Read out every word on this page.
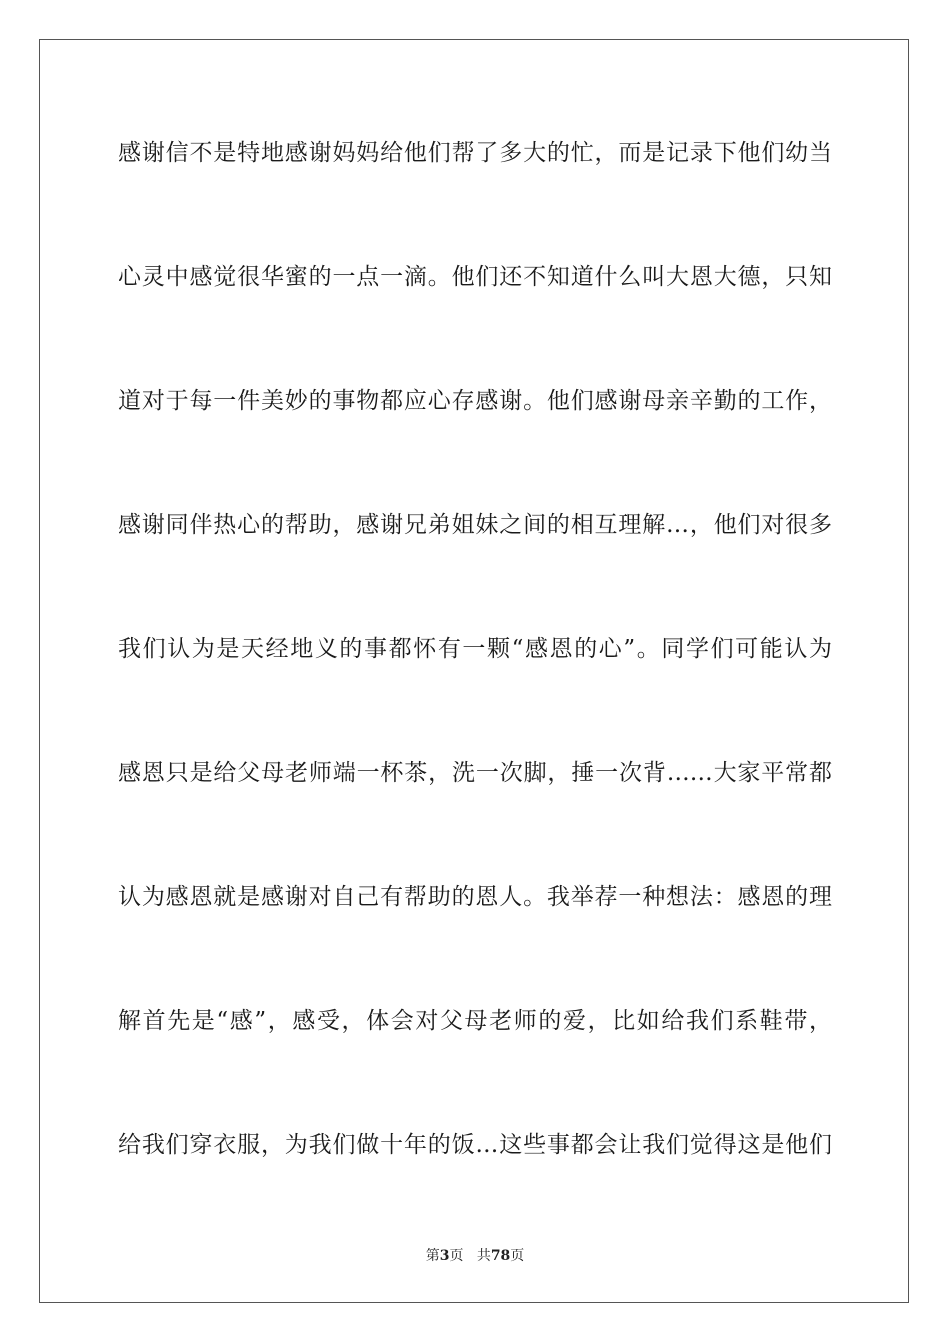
感谢信不是特地感谢妈妈给他们帮了多大的忙，而是记录下他们幼当
心灵中感觉很华蜜的一点一滴。他们还不知道什么叫大恩大德，只知
道对于每一件美妙的事物都应心存感谢。他们感谢母亲辛勤的工作，
感谢同伴热心的帮助，感谢兄弟姐妹之间的相互理解…，他们对很多
我们认为是天经地义的事都怀有一颗“感恩的心”。同学们可能认为
感恩只是给父母老师端一杯茶，洗一次脚，捶一次背……大家平常都
认为感恩就是感谢对自己有帮助的恩人。我举荐一种想法：感恩的理
解首先是“感”，感受，体会对父母老师的爱，比如给我们系鞋带，
给我们穿衣服，为我们做十年的饭…这些事都会让我们觉得这是他们
第3页 共78页
